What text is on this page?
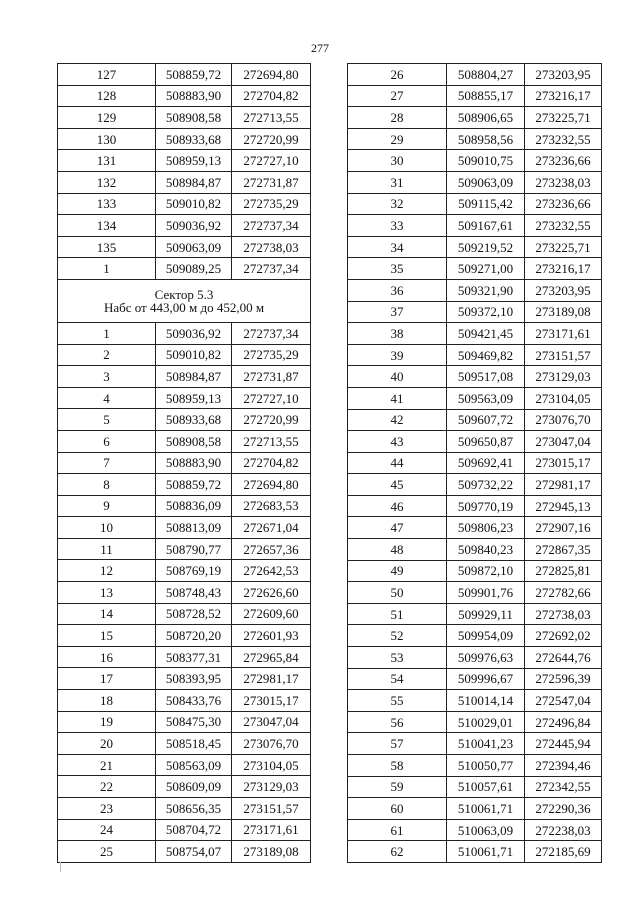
277
127	508859,72	272694,80
128	508883,90	272704,82
129	508908,58	272713,55
130	508933,68	272720,99
131	508959,13	272727,10
132	508984,87	272731,87
133	509010,82	272735,29
134	509036,92	272737,34
135	509063,09	272738,03
1	509089,25	272737,34

Сектор 5.3
Набс от 443,00 м до 452,00 м		

1	509036,92	272737,34
2	509010,82	272735,29
3	508984,87	272731,87
4	508959,13	272727,10
5	508933,68	272720,99
6	508908,58	272713,55
7	508883,90	272704,82
8	508859,72	272694,80
9	508836,09	272683,53
10	508813,09	272671,04
11	508790,77	272657,36
12	508769,19	272642,53
13	508748,43	272626,60
14	508728,52	272609,60
15	508720,20	272601,93
16	508377,31	272965,84
17	508393,95	272981,17
18	508433,76	273015,17
19	508475,30	273047,04
20	508518,45	273076,70
21	508563,09	273104,05
22	508609,09	273129,03
23	508656,35	273151,57
24	508704,72	273171,61
25	508754,07	273189,08
26	508804,27	273203,95
27	508855,17	273216,17
28	508906,65	273225,71
29	508958,56	273232,55
30	509010,75	273236,66
31	509063,09	273238,03
32	509115,42	273236,66
33	509167,61	273232,55
34	509219,52	273225,71
35	509271,00	273216,17
36	509321,90	273203,95
37	509372,10	273189,08
38	509421,45	273171,61
39	509469,82	273151,57
40	509517,08	273129,03
41	509563,09	273104,05
42	509607,72	273076,70
43	509650,87	273047,04
44	509692,41	273015,17
45	509732,22	272981,17
46	509770,19	272945,13
47	509806,23	272907,16
48	509840,23	272867,35
49	509872,10	272825,81
50	509901,76	272782,66
51	509929,11	272738,03
52	509954,09	272692,02
53	509976,63	272644,76
54	509996,67	272596,39
55	510014,14	272547,04
56	510029,01	272496,84
57	510041,23	272445,94
58	510050,77	272394,46
59	510057,61	272342,55
60	510061,71	272290,36
61	510063,09	272238,03
62	510061,71	272185,69
